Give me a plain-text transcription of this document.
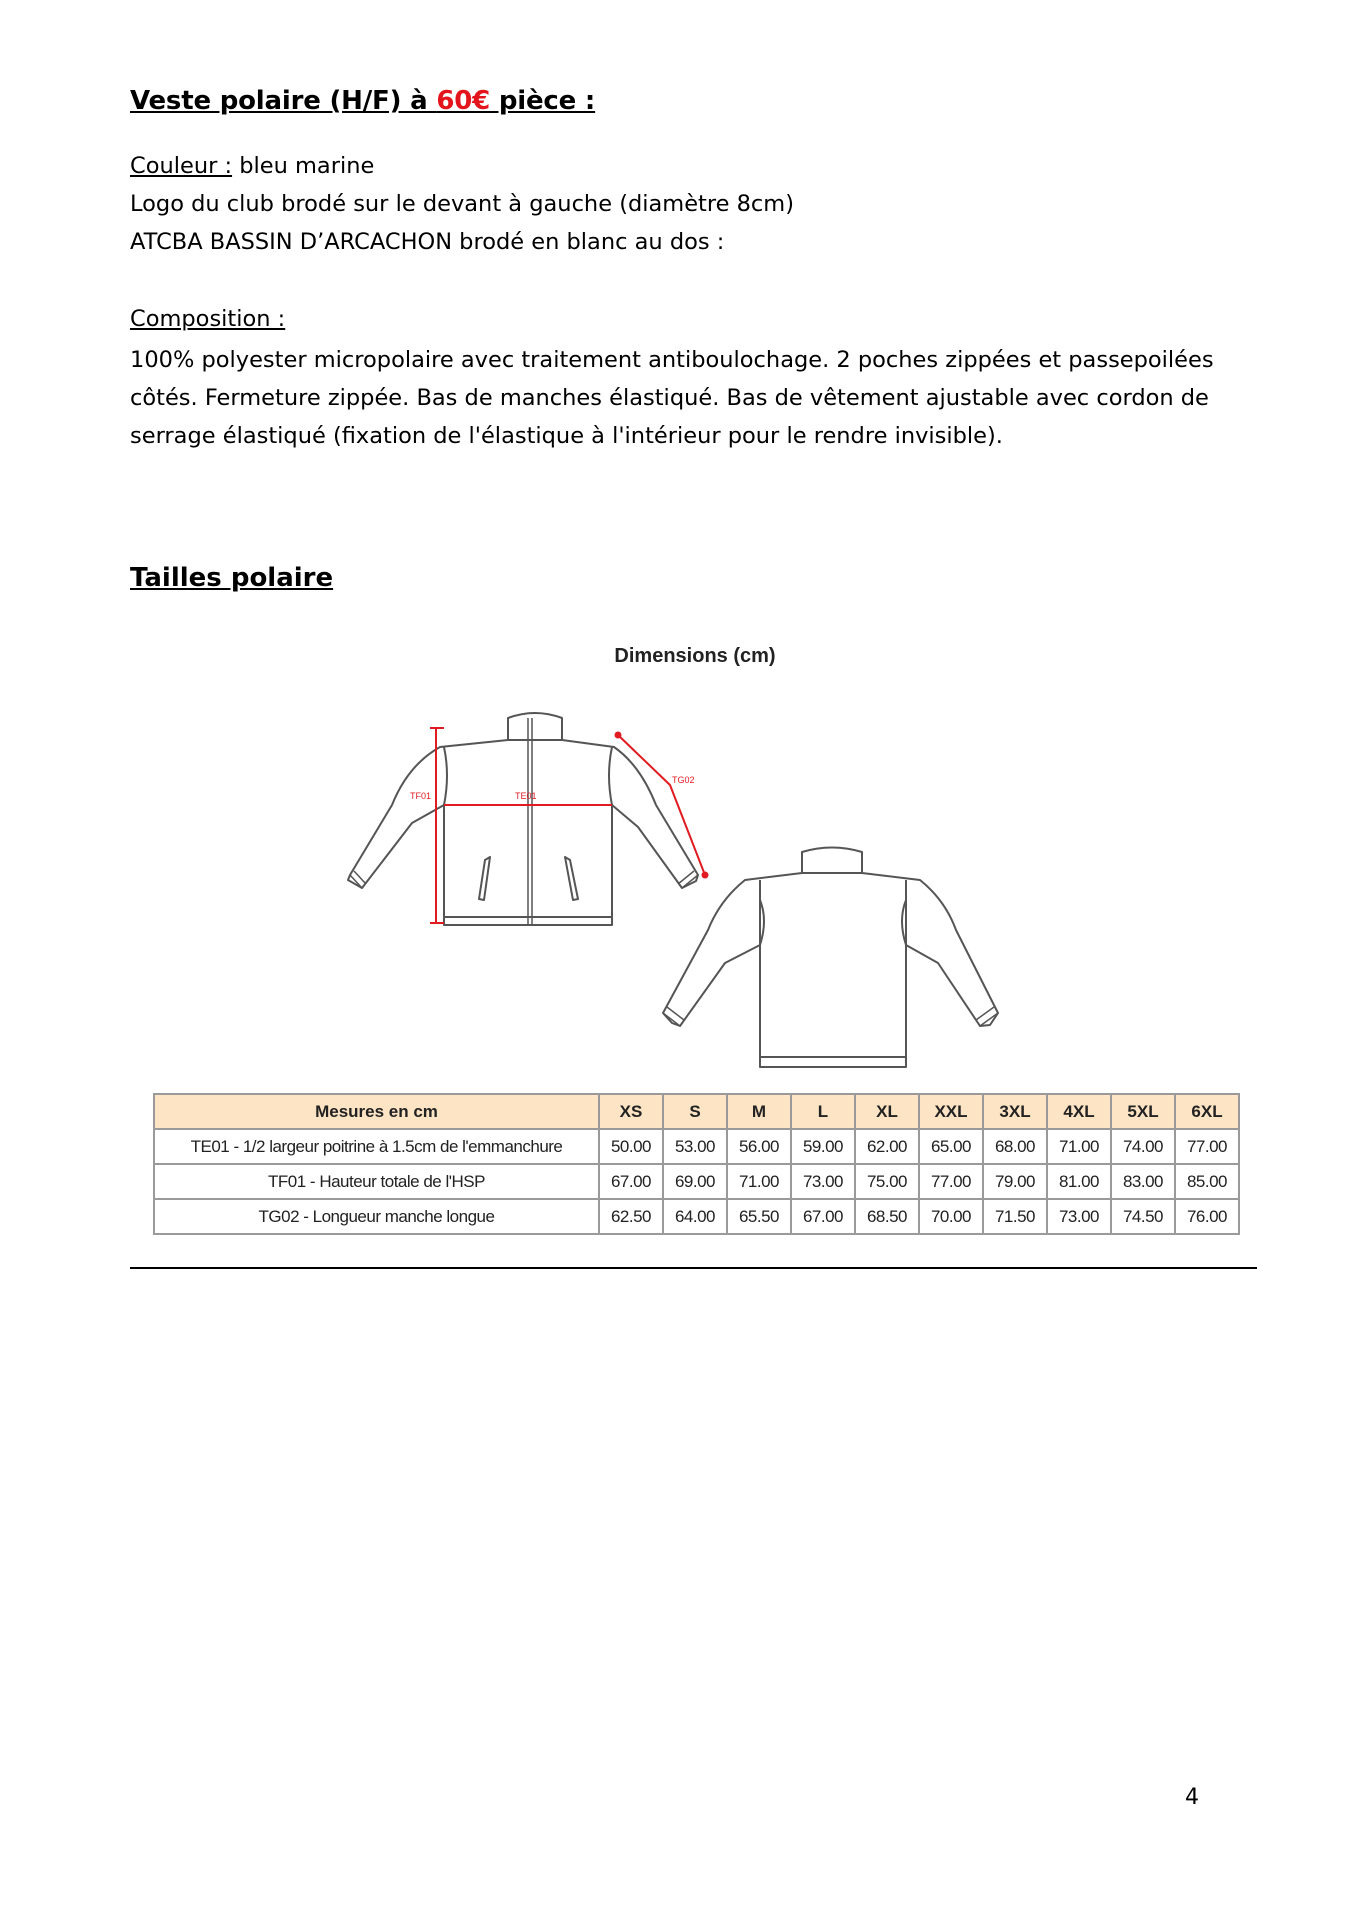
Veste polaire (H/F) à 60€ pièce :
Couleur : bleu marine
Logo du club brodé sur le devant à gauche (diamètre 8cm)
ATCBA BASSIN D’ARCACHON brodé en blanc au dos :
Composition :
100% polyester micropolaire avec traitement antiboulochage. 2 poches zippées et passepoilées côtés. Fermeture zippée. Bas de manches élastiqué. Bas de vêtement ajustable avec cordon de serrage élastiqué (fixation de l'élastique à l'intérieur pour le rendre invisible).
Tailles polaire
Dimensions (cm)
TF01	TE01
TG02
Mesures en cm	XS	S	M	L	XL	XXL	3XL	4XL	5XL	6XL
TE01 - 1/2 largeur poitrine à 1.5cm de l'emmanchure	50.00	53.00	56.00	59.00	62.00	65.00	68.00	71.00	74.00	77.00
TF01 - Hauteur totale de l'HSP	67.00	69.00	71.00	73.00	75.00	77.00	79.00	81.00	83.00	85.00
TG02 - Longueur manche longue	62.50	64.00	65.50	67.00	68.50	70.00	71.50	73.00	74.50	76.00
4
